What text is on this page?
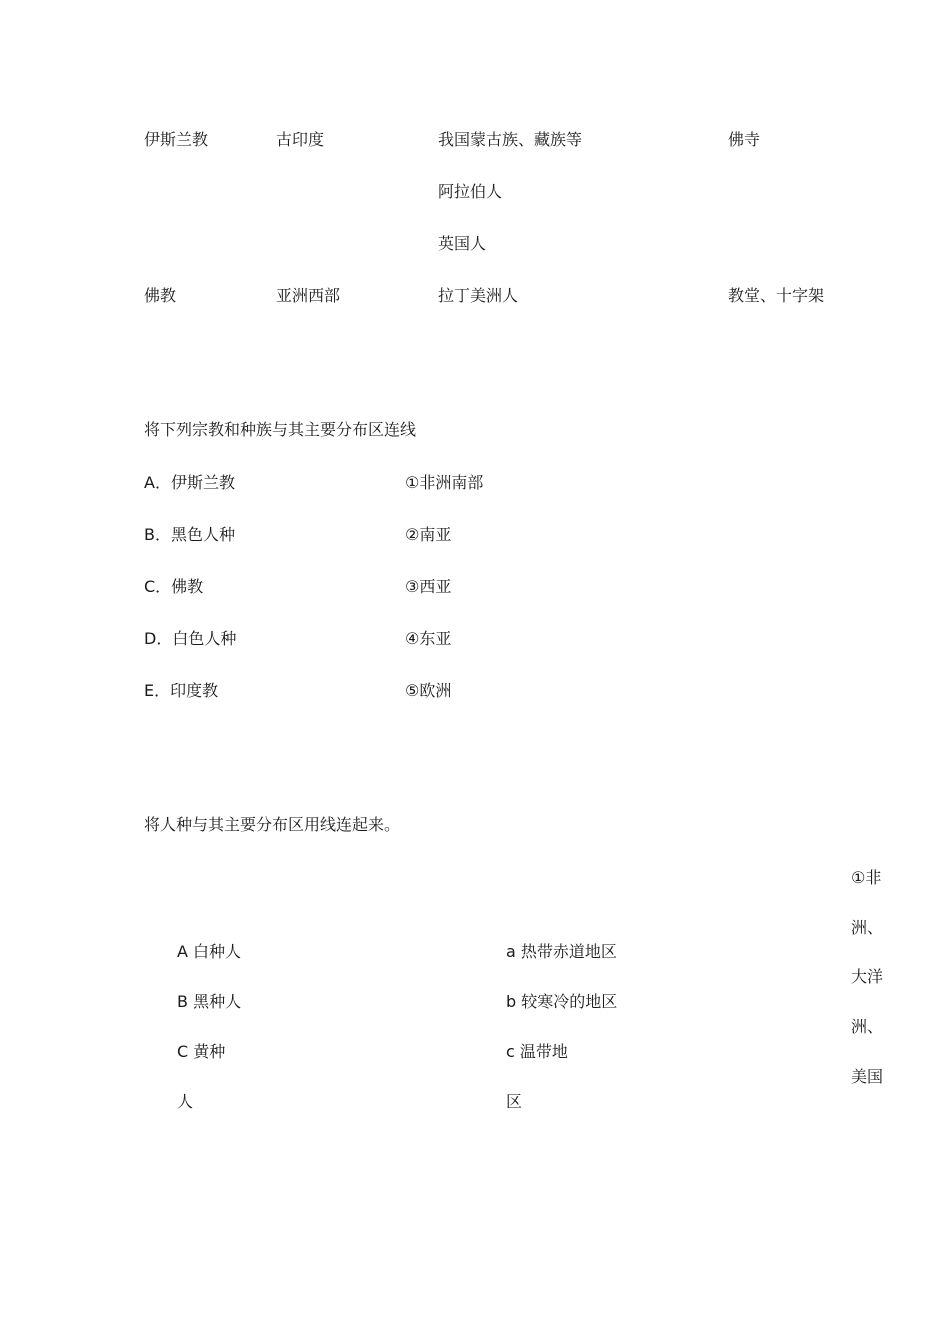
伊斯兰教
佛教
古印度
亚洲西部
我国蒙古族、藏族等
阿拉伯人
英国人
拉丁美洲人
佛寺
教堂、十字架
将下列宗教和种族与其主要分布区连线
A．伊斯兰教
B．黑色人种
C．佛教
D．白色人种
E．印度教
①非洲南部
②南亚
③西亚
④东亚
⑤欧洲
将人种与其主要分布区用线连起来。
A 白种人
B 黑种人
C 黄种
人
a 热带赤道地区
b 较寒冷的地区
c 温带地
区
①非
洲、
大洋
洲、
美国
